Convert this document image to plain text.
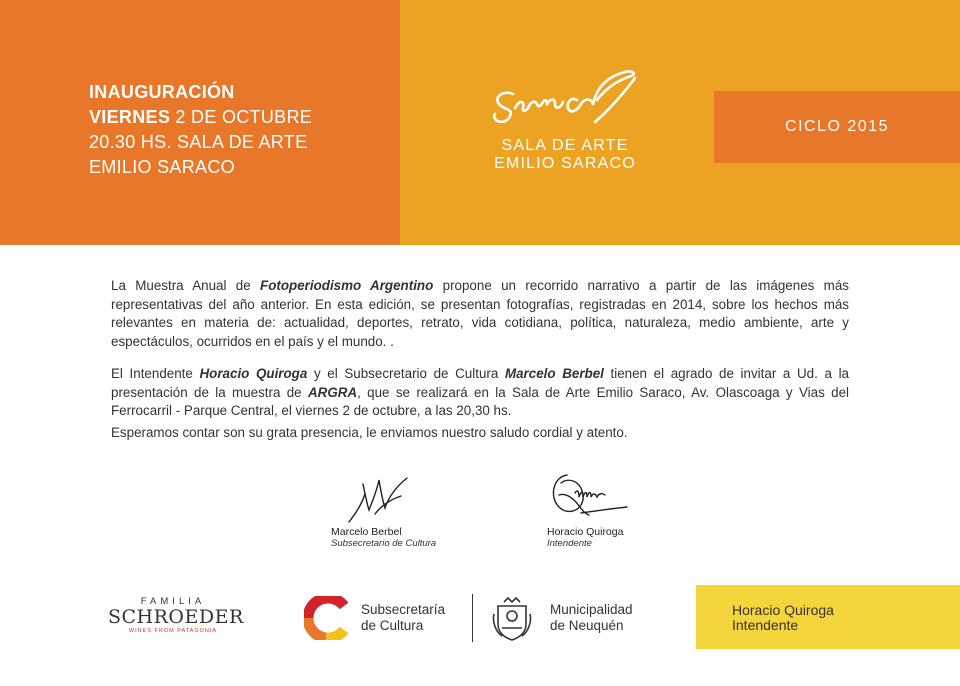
INAUGURACIÓN
VIERNES 2 DE OCTUBRE
20.30 HS. SALA DE ARTE
EMILIO SARACO
SALA DE ARTE
EMILIO SARACO
CICLO 2015

La Muestra Anual de Fotoperiodismo Argentino propone un recorrido narrativo a partir de las imágenes más representativas del año anterior. En esta edición, se presentan fotografías, registradas en 2014, sobre los hechos más relevantes en materia de: actualidad, deportes, retrato, vida cotidiana, política, naturaleza, medio ambiente, arte y espectáculos, ocurridos en el país y el mundo. .

El Intendente Horacio Quiroga y el Subsecretario de Cultura Marcelo Berbel tienen el agrado de invitar a Ud. a la presentación de la muestra de ARGRA, que se realizará en la Sala de Arte Emilio Saraco, Av. Olascoaga y Vias del Ferrocarril - Parque Central, el viernes 2 de octubre, a las 20,30 hs.

Esperamos contar son su grata presencia, le enviamos nuestro saludo cordial y atento.

Marcelo Berbel
Subsecretario de Cultura
Horacio Quiroga
Intendente
FAMILIA
SCHROEDER
WINES FROM PATAGONIA
Subsecretaría
de Cultura
Municipalidad
de Neuquén
Horacio Quiroga
Intendente
